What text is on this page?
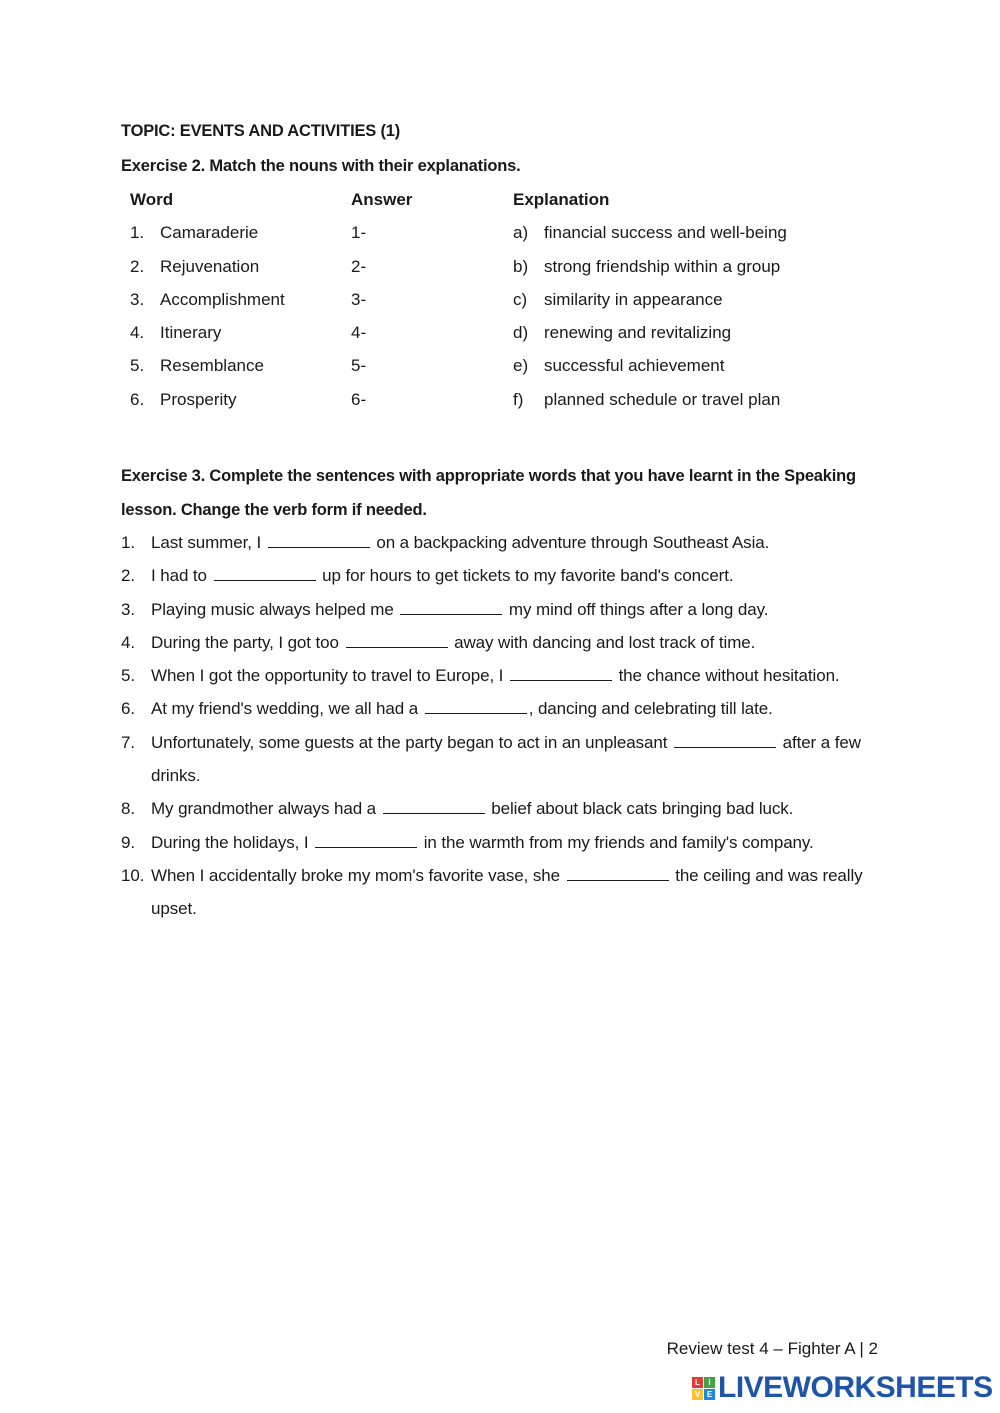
TOPIC: EVENTS AND ACTIVITIES (1)
Exercise 2. Match the nouns with their explanations.
Word	Answer	Explanation
1. Camaraderie	1-	a) financial success and well-being
2. Rejuvenation	2-	b) strong friendship within a group
3. Accomplishment	3-	c) similarity in appearance
4. Itinerary	4-	d) renewing and revitalizing
5. Resemblance	5-	e) successful achievement
6. Prosperity	6-	f) planned schedule or travel plan
Exercise 3. Complete the sentences with appropriate words that you have learnt in the Speaking lesson. Change the verb form if needed.
1. Last summer, I	on a backpacking adventure through Southeast Asia.
2. I had to	up for hours to get tickets to my favorite band's concert.
3. Playing music always helped me	my mind off things after a long day.
4. During the party, I got too	away with dancing and lost track of time.
5. When I got the opportunity to travel to Europe, I	the chance without hesitation.
6. At my friend's wedding, we all had a	, dancing and celebrating till late.
7. Unfortunately, some guests at the party began to act in an unpleasant	after a few drinks.
8. My grandmother always had a	belief about black cats bringing bad luck.
9. During the holidays, I	in the warmth from my friends and family's company.
10. When I accidentally broke my mom's favorite vase, she	the ceiling and was really upset.
Review test 4 – Fighter A | 2
L	I
V E LIVEWORKSHEETS
